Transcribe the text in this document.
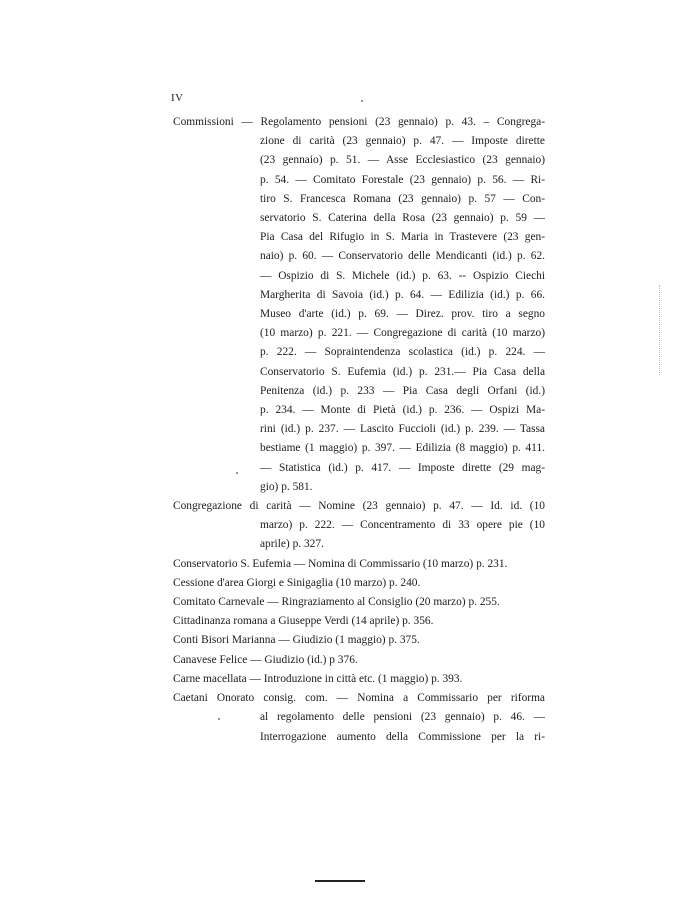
IV
Commissioni — Regolamento pensioni (23 gennaio) p. 43. – Congrega-
zione di carità (23 gennaio) p. 47. — Imposte dirette
(23 gennaio) p. 51. — Asse Ecclesiastico (23 gennaio)
p. 54. — Comitato Forestale (23 gennaio) p. 56. — Ri-
tiro S. Francesca Romana (23 gennaio) p. 57 — Con-
servatorio S. Caterina della Rosa (23 gennaio) p. 59 —
Pia Casa del Rifugio in S. Maria in Trastevere (23 gen-
naio) p. 60. — Conservatorio delle Mendicanti (id.) p. 62.
— Ospizio di S. Michele (id.) p. 63. -- Ospizio Ciechi
Margherita di Savoia (id.) p. 64. — Edilizia (id.) p. 66.
Museo d'arte (id.) p. 69. — Direz. prov. tiro a segno
(10 marzo) p. 221. — Congregazione di carità (10 marzo)
p. 222. — Sopraintendenza scolastica (id.) p. 224. —
Conservatorio S. Eufemia (id.) p. 231.— Pia Casa della
Penitenza (id.) p. 233 — Pia Casa degli Orfani (id.)
p. 234. — Monte di Pietà (id.) p. 236. — Ospizi Ma-
rini (id.) p. 237. — Lascito Fuccioli (id.) p. 239. — Tassa
bestiame (1 maggio) p. 397. — Edilizia (8 maggio) p. 411.
— Statistica (id.) p. 417. — Imposte dirette (29 mag-
gio) p. 581.
Congregazione di carità — Nomine (23 gennaio) p. 47. — Id. id. (10
marzo) p. 222. — Concentramento di 33 opere pie (10
aprile) p. 327.
Conservatorio S. Eufemia — Nomina di Commissario (10 marzo) p. 231.
Cessione d'area Giorgi e Sinigaglia (10 marzo) p. 240.
Comitato Carnevale — Ringraziamento al Consiglio (20 marzo) p. 255.
Cittadinanza romana a Giuseppe Verdi (14 aprile) p. 356.
Conti Bisori Marianna — Giudizio (1 maggio) p. 375.
Canavese Felice — Giudizio (id.) p 376.
Carne macellata — Introduzione in città etc. (1 maggio) p. 393.
Caetani Onorato consig. com. — Nomina a Commissario per riforma
al regolamento delle pensioni (23 gennaio) p. 46. —
Interrogazione aumento della Commissione per la ri-
